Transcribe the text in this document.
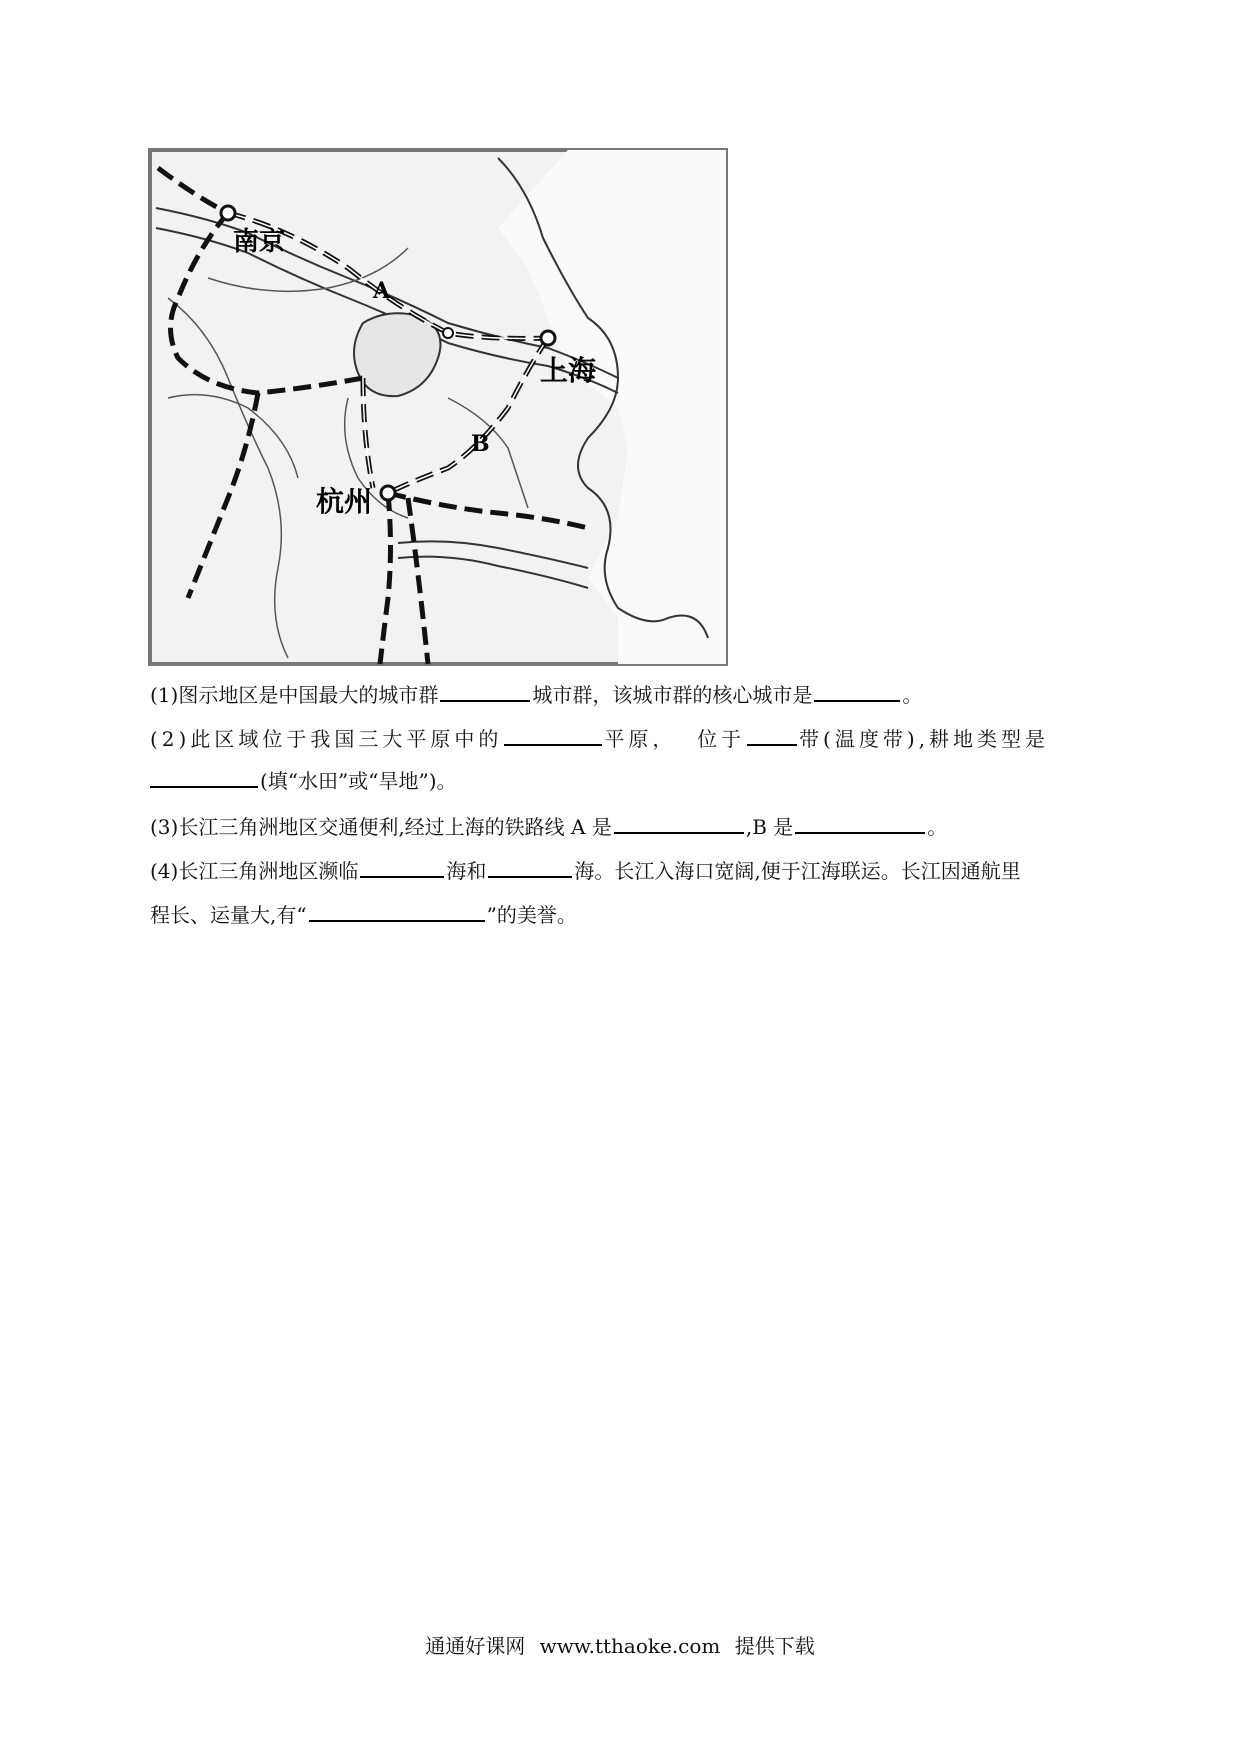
南京
上海
杭州
A
B
(1)图示地区是中国最大的城市群	城市群，该城市群的核心城市是	。
(2)此区域位于我国三大平原中的	平原， 位于	带(温度带),耕地类型是
(填“水田”或“旱地”)。
(3)长江三角洲地区交通便利,经过上海的铁路线 A 是	,B 是	。
(4)长江三角洲地区濒临	海和	海。长江入海口宽阔,便于江海联运。长江因通航里
程长、运量大,有“	”的美誉。
通通好课网 www.tthaoke.com 提供下载
